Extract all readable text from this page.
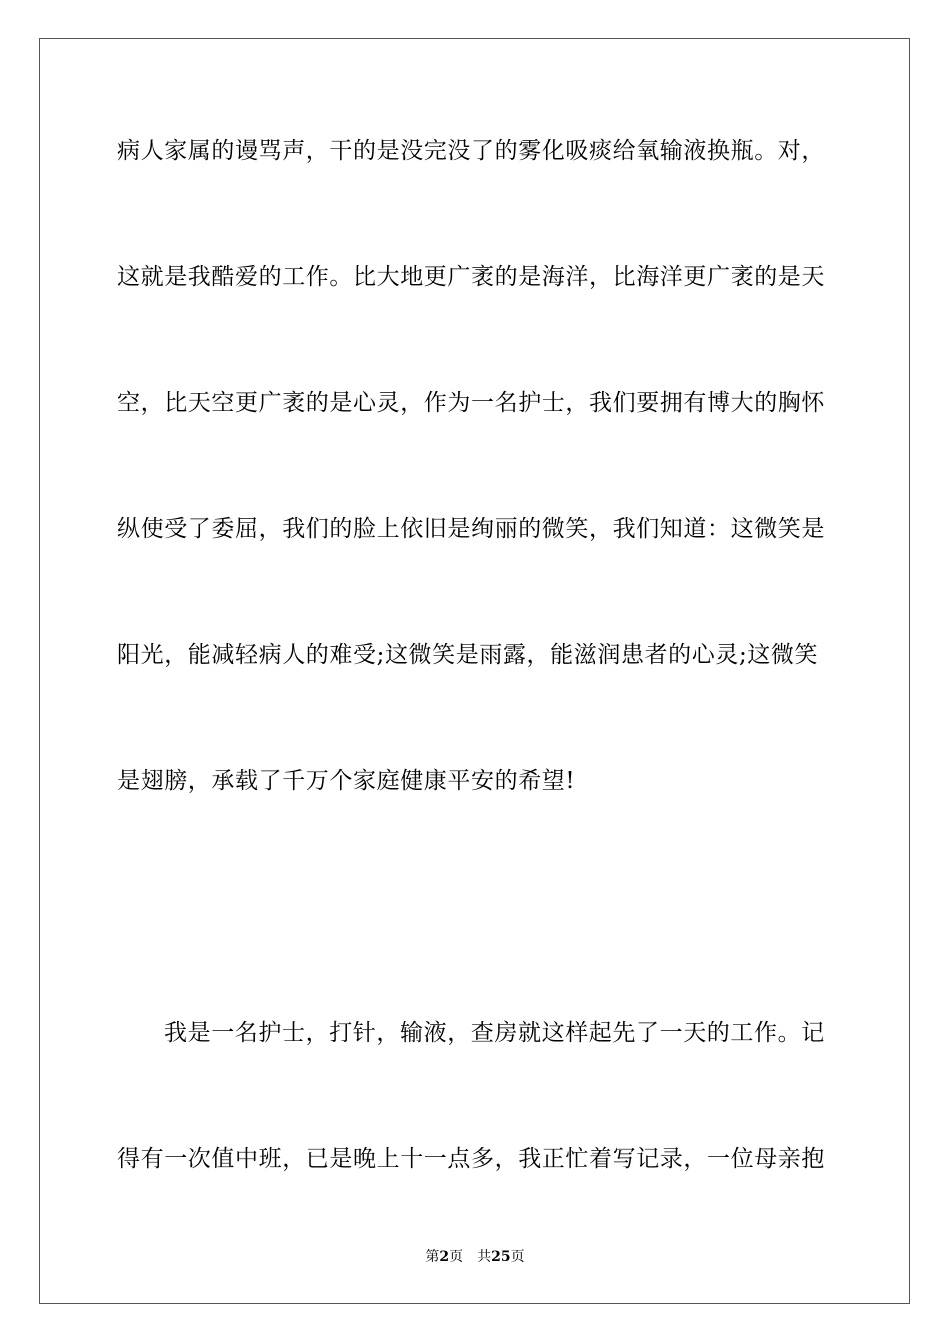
病人家属的谩骂声，干的是没完没了的雾化吸痰给氧输液换瓶。对，
这就是我酷爱的工作。比大地更广袤的是海洋，比海洋更广袤的是天
空，比天空更广袤的是心灵，作为一名护士，我们要拥有博大的胸怀
纵使受了委屈，我们的脸上依旧是绚丽的微笑，我们知道：这微笑是
阳光，能减轻病人的难受;这微笑是雨露，能滋润患者的心灵;这微笑
是翅膀，承载了千万个家庭健康平安的希望!
我是一名护士，打针，输液，查房就这样起先了一天的工作。记
得有一次值中班，已是晚上十一点多，我正忙着写记录，一位母亲抱
第2页 共25页
